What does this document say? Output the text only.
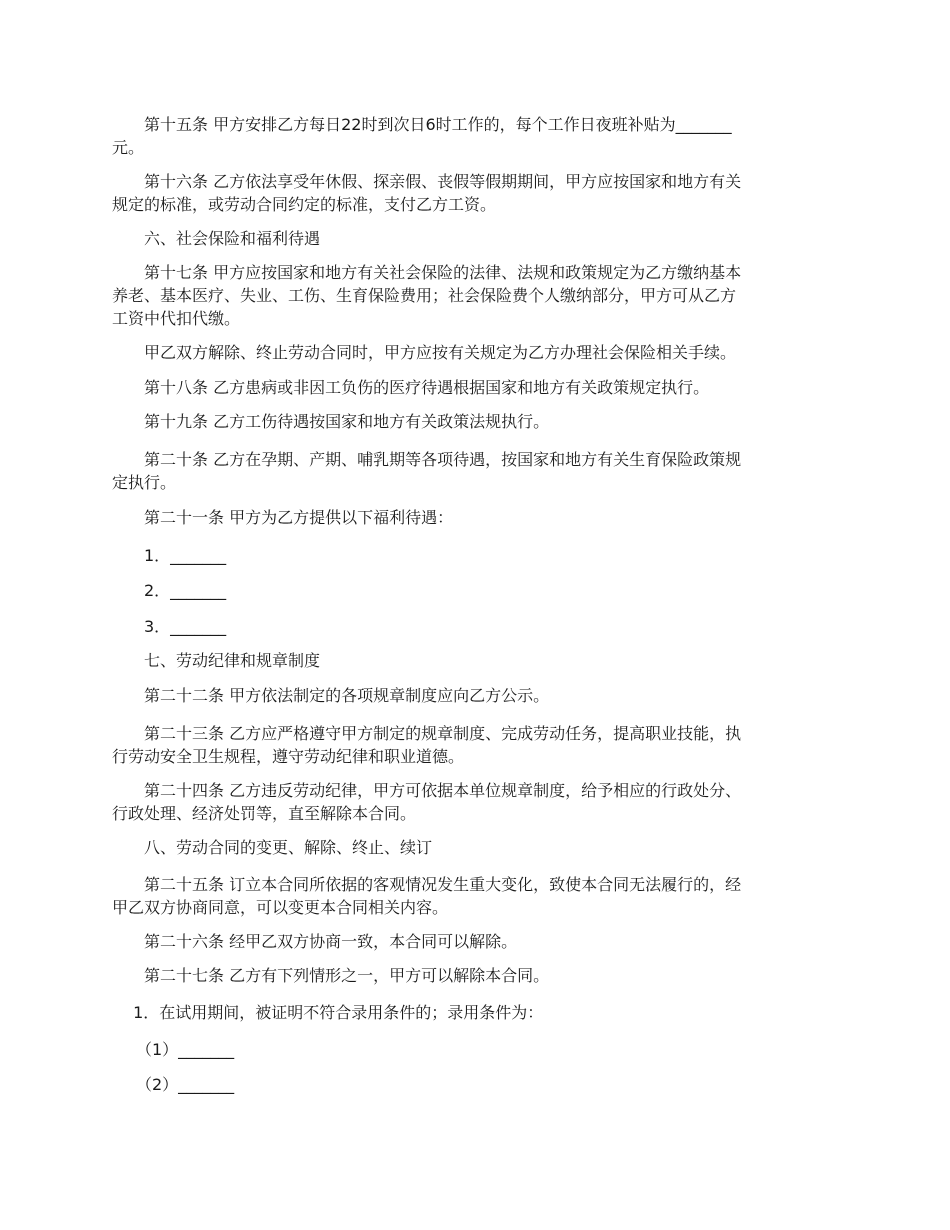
　　第十五条 甲方安排乙方每日22时到次日6时工作的，每个工作日夜班补贴为_______
元。

　　第十六条 乙方依法享受年休假、探亲假、丧假等假期期间，甲方应按国家和地方有关
规定的标准，或劳动合同约定的标准，支付乙方工资。

　　六、社会保险和福利待遇

　　第十七条 甲方应按国家和地方有关社会保险的法律、法规和政策规定为乙方缴纳基本
养老、基本医疗、失业、工伤、生育保险费用；社会保险费个人缴纳部分，甲方可从乙方
工资中代扣代缴。

　　甲乙双方解除、终止劳动合同时，甲方应按有关规定为乙方办理社会保险相关手续。

　　第十八条 乙方患病或非因工负伤的医疗待遇根据国家和地方有关政策规定执行。

　　第十九条 乙方工伤待遇按国家和地方有关政策法规执行。

　　第二十条 乙方在孕期、产期、哺乳期等各项待遇，按国家和地方有关生育保险政策规
定执行。

　　第二十一条 甲方为乙方提供以下福利待遇：

　　1．_______

　　2．_______

　　3．_______

　　七、劳动纪律和规章制度

　　第二十二条 甲方依法制定的各项规章制度应向乙方公示。

　　第二十三条 乙方应严格遵守甲方制定的规章制度、完成劳动任务，提高职业技能，执
行劳动安全卫生规程，遵守劳动纪律和职业道德。

　　第二十四条 乙方违反劳动纪律，甲方可依据本单位规章制度，给予相应的行政处分、
行政处理、经济处罚等，直至解除本合同。

　　八、劳动合同的变更、解除、终止、续订

　　第二十五条 订立本合同所依据的客观情况发生重大变化，致使本合同无法履行的，经
甲乙双方协商同意，可以变更本合同相关内容。

　　第二十六条 经甲乙双方协商一致，本合同可以解除。

　　第二十七条 乙方有下列情形之一，甲方可以解除本合同。

　 1．在试用期间，被证明不符合录用条件的；录用条件为：

　　（1）_______

　　（2）_______
